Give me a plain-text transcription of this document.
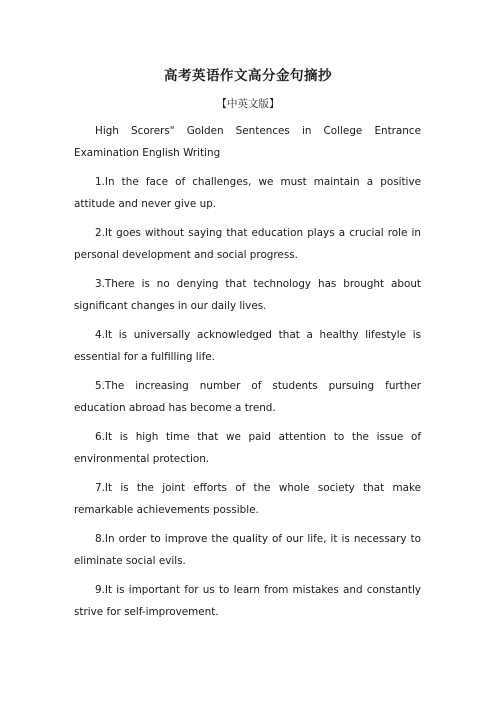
高考英语作文高分金句摘抄
【中英文版】

High Scorers" Golden Sentences in College Entrance Examination English Writing

1.In the face of challenges, we must maintain a positive attitude and never give up.

2.It goes without saying that education plays a crucial role in personal development and social progress.

3.There is no denying that technology has brought about significant changes in our daily lives.

4.It is universally acknowledged that a healthy lifestyle is essential for a fulfilling life.

5.The increasing number of students pursuing further education abroad has become a trend.

6.It is high time that we paid attention to the issue of environmental protection.

7.It is the joint efforts of the whole society that make remarkable achievements possible.

8.In order to improve the quality of our life, it is necessary to eliminate social evils.

9.It is important for us to learn from mistakes and constantly strive for self-improvement.
